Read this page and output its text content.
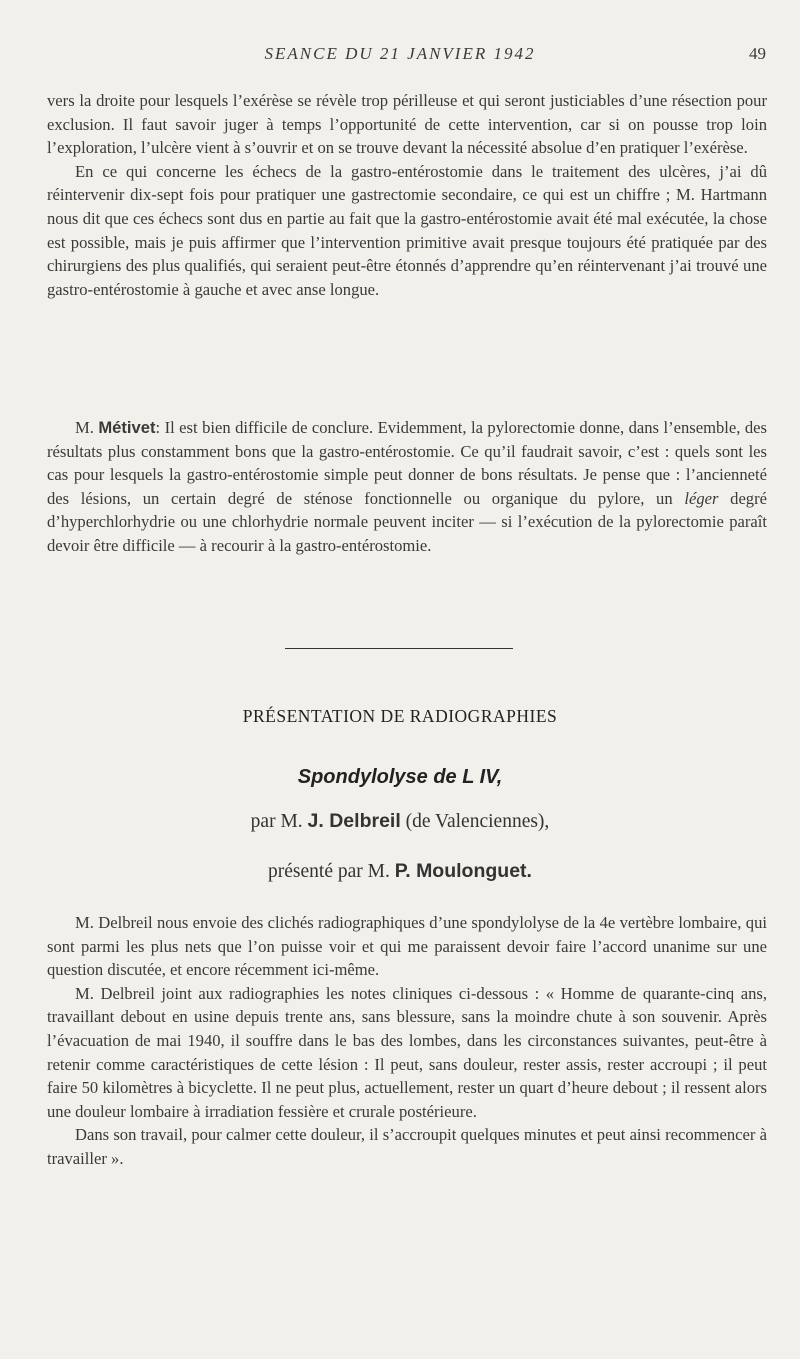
SEANCE DU 21 JANVIER 1942	49

vers la droite pour lesquels l’exérèse se révèle trop périlleuse et qui seront justiciables d’une résection pour exclusion. Il faut savoir juger à temps l’opportunité de cette intervention, car si on pousse trop loin l’exploration, l’ulcère vient à s’ouvrir et on se trouve devant la nécessité absolue d’en pratiquer l’exérèse.

En ce qui concerne les échecs de la gastro-entérostomie dans le traitement des ulcères, j’ai dû réintervenir dix-sept fois pour pratiquer une gastrectomie secondaire, ce qui est un chiffre ; M. Hartmann nous dit que ces échecs sont dus en partie au fait que la gastro-entérostomie avait été mal exécutée, la chose est possible, mais je puis affirmer que l’intervention primitive avait presque toujours été pratiquée par des chirurgiens des plus qualifiés, qui seraient peut-être étonnés d’apprendre qu’en réintervenant j’ai trouvé une gastro-entérostomie à gauche et avec anse longue.

M. Métivet: Il est bien difficile de conclure. Evidemment, la pylorectomie donne, dans l’ensemble, des résultats plus constamment bons que la gastro-entérostomie. Ce qu’il faudrait savoir, c’est : quels sont les cas pour lesquels la gastro-entérostomie simple peut donner de bons résultats. Je pense que : l’ancienneté des lésions, un certain degré de sténose fonctionnelle ou organique du pylore, un léger degré d’hyperchlorhydrie ou une chlorhydrie normale peuvent inciter — si l’exécution de la pylorectomie paraît devoir être difficile — à recourir à la gastro-entérostomie.

PRÉSENTATION DE RADIOGRAPHIES
Spondylolyse de L IV,
par M. J. Delbreil (de Valenciennes),
présenté par M. P. Moulonguet.

M. Delbreil nous envoie des clichés radiographiques d’une spondylolyse de la 4e vertèbre lombaire, qui sont parmi les plus nets que l’on puisse voir et qui me paraissent devoir faire l’accord unanime sur une question discutée, et encore récemment ici-même.

M. Delbreil joint aux radiographies les notes cliniques ci-dessous : « Homme de quarante-cinq ans, travaillant debout en usine depuis trente ans, sans blessure, sans la moindre chute à son souvenir. Après l’évacuation de mai 1940, il souffre dans le bas des lombes, dans les circonstances suivantes, peut-être à retenir comme caractéristiques de cette lésion : Il peut, sans douleur, rester assis, rester accroupi ; il peut faire 50 kilomètres à bicyclette. Il ne peut plus, actuellement, rester un quart d’heure debout ; il ressent alors une douleur lombaire à irradiation fessière et crurale postérieure.

Dans son travail, pour calmer cette douleur, il s’accroupit quelques minutes et peut ainsi recommencer à travailler ».
